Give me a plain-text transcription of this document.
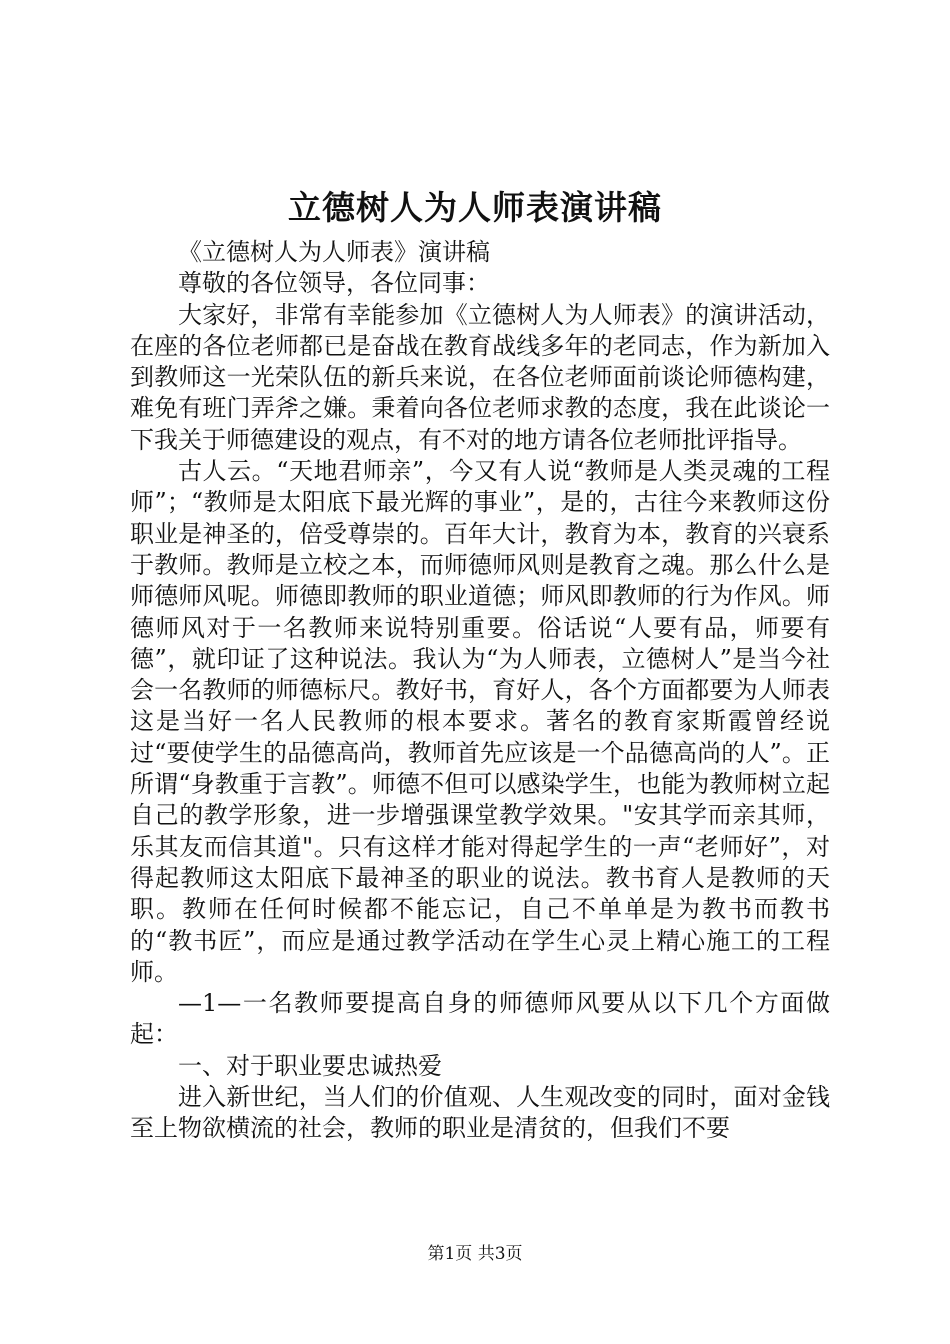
立德树人为人师表演讲稿

《立德树人为人师表》演讲稿

尊敬的各位领导，各位同事：

大家好，非常有幸能参加《立德树人为人师表》的演讲活动，在座的各位老师都已是奋战在教育战线多年的老同志，作为新加入到教师这一光荣队伍的新兵来说，在各位老师面前谈论师德构建，难免有班门弄斧之嫌。秉着向各位老师求教的态度，我在此谈论一下我关于师德建设的观点，有不对的地方请各位老师批评指导。

古人云。“天地君师亲”，今又有人说“教师是人类灵魂的工程师”；“教师是太阳底下最光辉的事业”，是的，古往今来教师这份职业是神圣的，倍受尊崇的。百年大计，教育为本，教育的兴衰系于教师。教师是立校之本，而师德师风则是教育之魂。那么什么是师德师风呢。师德即教师的职业道德；师风即教师的行为作风。师德师风对于一名教师来说特别重要。俗话说“人要有品，师要有德”，就印证了这种说法。我认为“为人师表，立德树人”是当今社会一名教师的师德标尺。教好书，育好人，各个方面都要为人师表这是当好一名人民教师的根本要求。著名的教育家斯霞曾经说过“要使学生的品德高尚，教师首先应该是一个品德高尚的人”。正所谓“身教重于言教”。师德不但可以感染学生，也能为教师树立起自己的教学形象，进一步增强课堂教学效果。"安其学而亲其师，乐其友而信其道"。只有这样才能对得起学生的一声“老师好”，对得起教师这太阳底下最神圣的职业的说法。教书育人是教师的天职。教师在任何时候都不能忘记，自己不单单是为教书而教书的“教书匠”，而应是通过教学活动在学生心灵上精心施工的工程师。

—1—一名教师要提高自身的师德师风要从以下几个方面做起：

一、对于职业要忠诚热爱

进入新世纪，当人们的价值观、人生观改变的同时，面对金钱至上物欲横流的社会，教师的职业是清贫的，但我们不要

第1页 共3页
